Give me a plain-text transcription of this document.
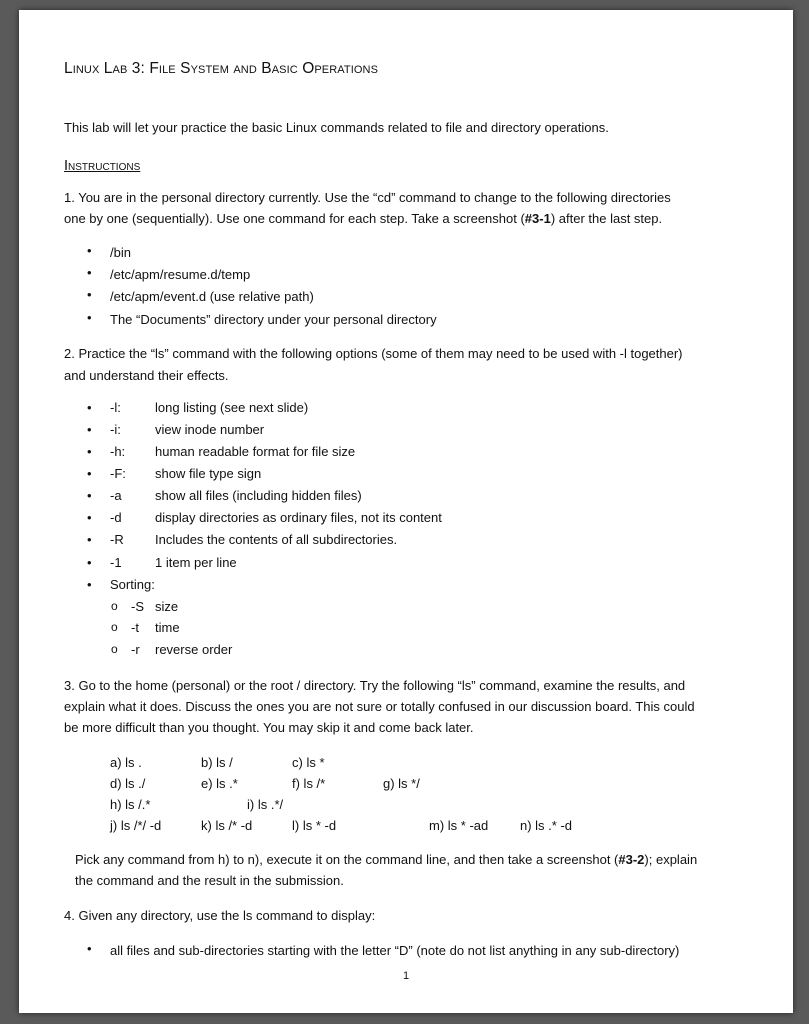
Linux Lab 3: File System and Basic Operations
This lab will let your practice the basic Linux commands related to file and directory operations.
Instructions
1. You are in the personal directory currently. Use the “cd” command to change to the following directories
one by one (sequentially). Use one command for each step. Take a screenshot (#3-1) after the last step.
• /bin
• /etc/apm/resume.d/temp
• /etc/apm/event.d (use relative path)
• The “Documents” directory under your personal directory
2. Practice the “ls” command with the following options (some of them may need to be used with -l together)
and understand their effects.
• -l:	long listing (see next slide)
• -i:	view inode number
• -h: human readable format for file size
• -F: show file type sign
• -a	show all files (including hidden files)
• -d	display directories as ordinary files, not its content
• -R Includes the contents of all subdirectories.
• -1	1 item per line
• Sorting:
o -S size
o -t time
o -r reverse order
3. Go to the home (personal) or the root / directory. Try the following “ls” command, examine the results, and
explain what it does. Discuss the ones you are not sure or totally confused in our discussion board. This could
be more difficult than you thought. You may skip it and come back later.
a) ls .	b) ls /	c) ls *
d) ls ./	e) ls .*	f) ls /*	g) ls */
h) ls /.*	i) ls .*/
j) ls /*/ -d	k) ls /* -d	l) ls * -d	m) ls * -ad n) ls .* -d
Pick any command from h) to n), execute it on the command line, and then take a screenshot (#3-2); explain
the command and the result in the submission.
4. Given any directory, use the ls command to display:
• all files and sub-directories starting with the letter “D” (note do not list anything in any sub-directory)
1
